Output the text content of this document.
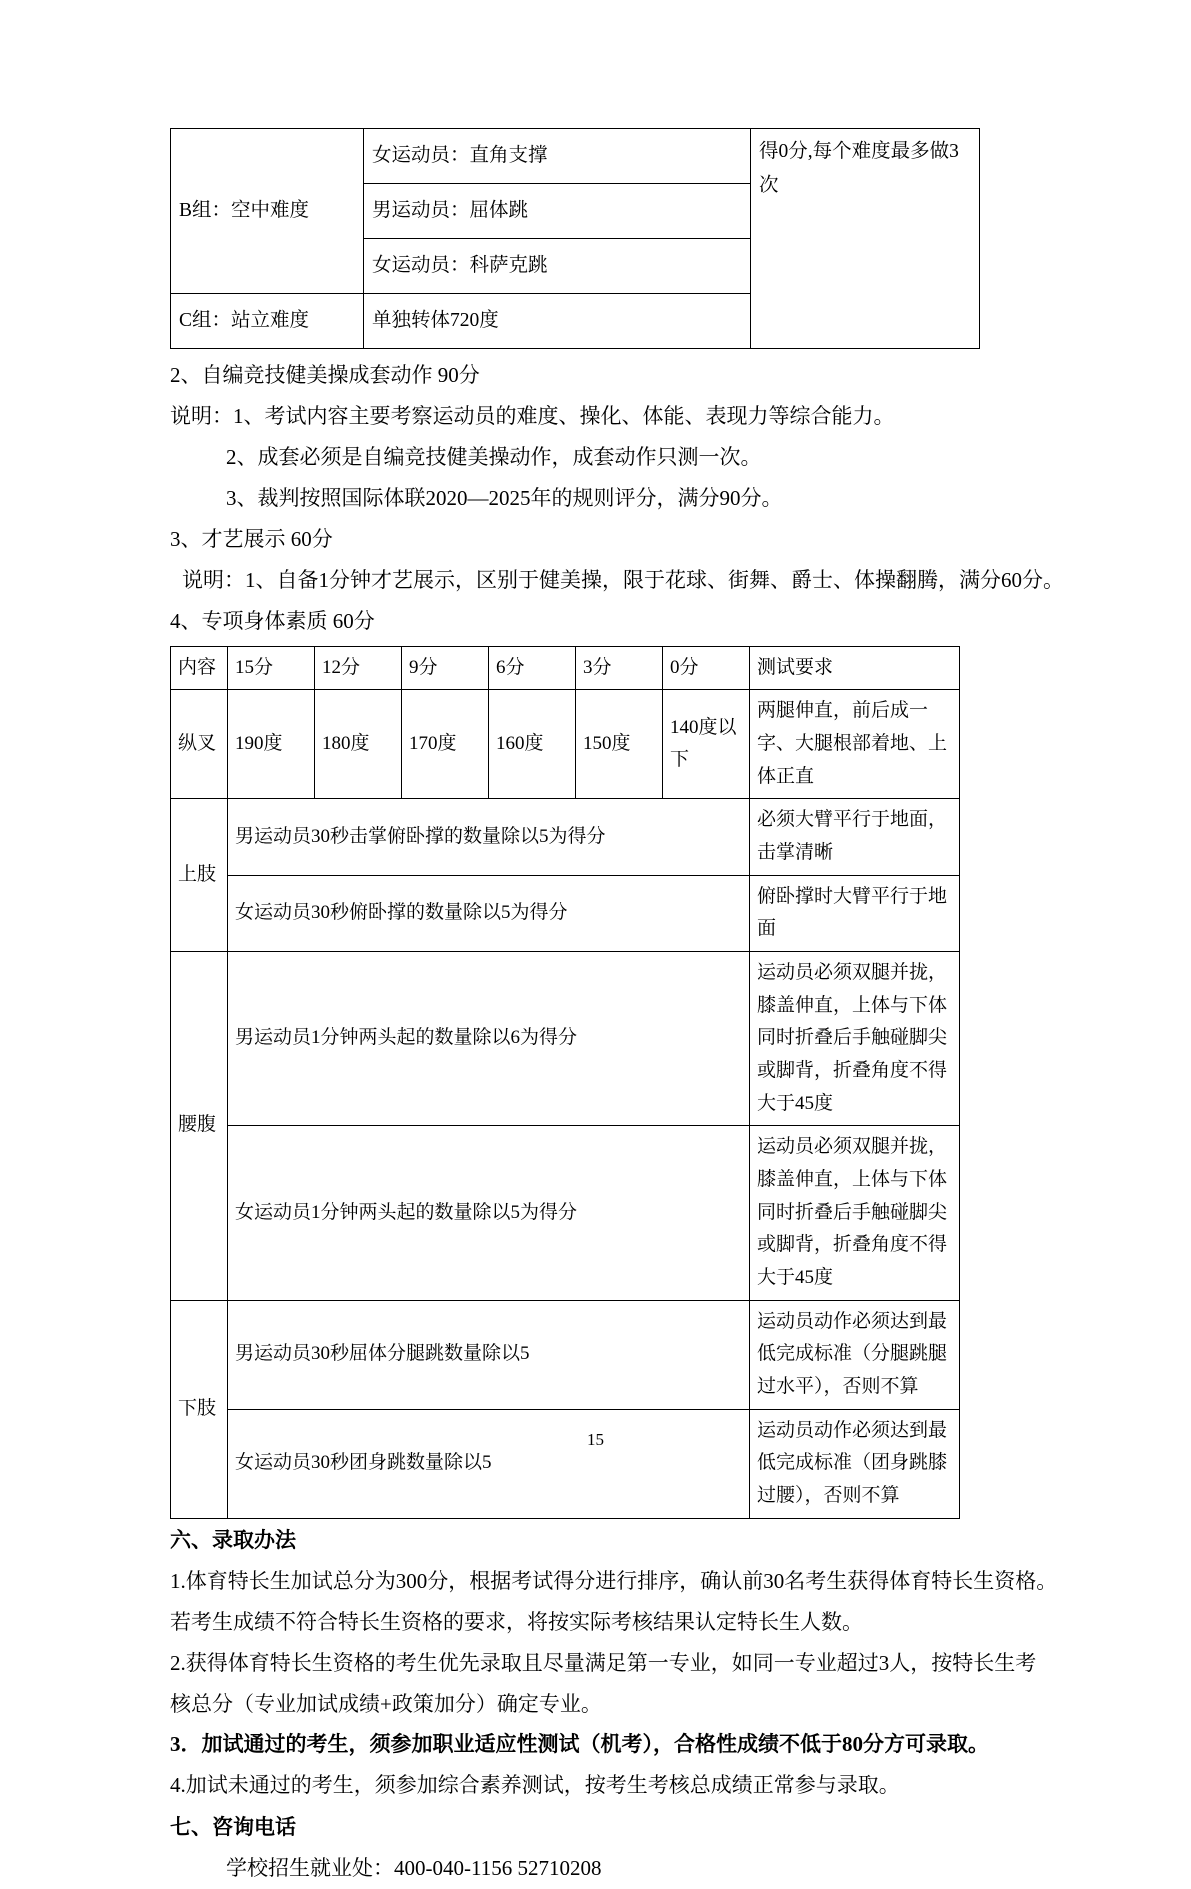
B组：空中难度	女运动员：直角支撑	得0分,每个难度最多做3 次
	男运动员：屈体跳	
	女运动员：科萨克跳	
C组：站立难度	单独转体720度	
2、自编竞技健美操成套动作 90分
说明：1、考试内容主要考察运动员的难度、操化、体能、表现力等综合能力。
2、成套必须是自编竞技健美操动作，成套动作只测一次。
3、裁判按照国际体联2020—2025年的规则评分，满分90分。
3、才艺展示 60分
说明：1、自备1分钟才艺展示，区别于健美操，限于花球、街舞、爵士、体操翻腾，满分60分。
4、专项身体素质 60分
内容	15分	12分	9分	6分	3分	0分	测试要求
纵叉	190度	180度	170度	160度	150度	140度以下	两腿伸直，前后成一字、大腿根部着地、上体正直
上肢	男运动员30秒击掌俯卧撑的数量除以5为得分						必须大臂平行于地面，击掌清晰
	女运动员30秒俯卧撑的数量除以5为得分						俯卧撑时大臂平行于地面
腰腹	男运动员1分钟两头起的数量除以6为得分						运动员必须双腿并拢，膝盖伸直，上体与下体同时折叠后手触碰脚尖或脚背，折叠角度不得大于45度
	女运动员1分钟两头起的数量除以5为得分						运动员必须双腿并拢，膝盖伸直，上体与下体同时折叠后手触碰脚尖或脚背，折叠角度不得大于45度
下肢	男运动员30秒屈体分腿跳数量除以5						运动员动作必须达到最低完成标准（分腿跳腿过水平），否则不算
	女运动员30秒团身跳数量除以5						运动员动作必须达到最低完成标准（团身跳膝过腰），否则不算
六、录取办法
1.体育特长生加试总分为300分，根据考试得分进行排序，确认前30名考生获得体育特长生资格。
若考生成绩不符合特长生资格的要求，将按实际考核结果认定特长生人数。
2.获得体育特长生资格的考生优先录取且尽量满足第一专业，如同一专业超过3人，按特长生考
核总分（专业加试成绩+政策加分）确定专业。
3．加试通过的考生，须参加职业适应性测试（机考），合格性成绩不低于80分方可录取。
4.加试未通过的考生，须参加综合素养测试，按考生考核总成绩正常参与录取。
七、咨询电话
学校招生就业处：400-040-1156 52710208
15
